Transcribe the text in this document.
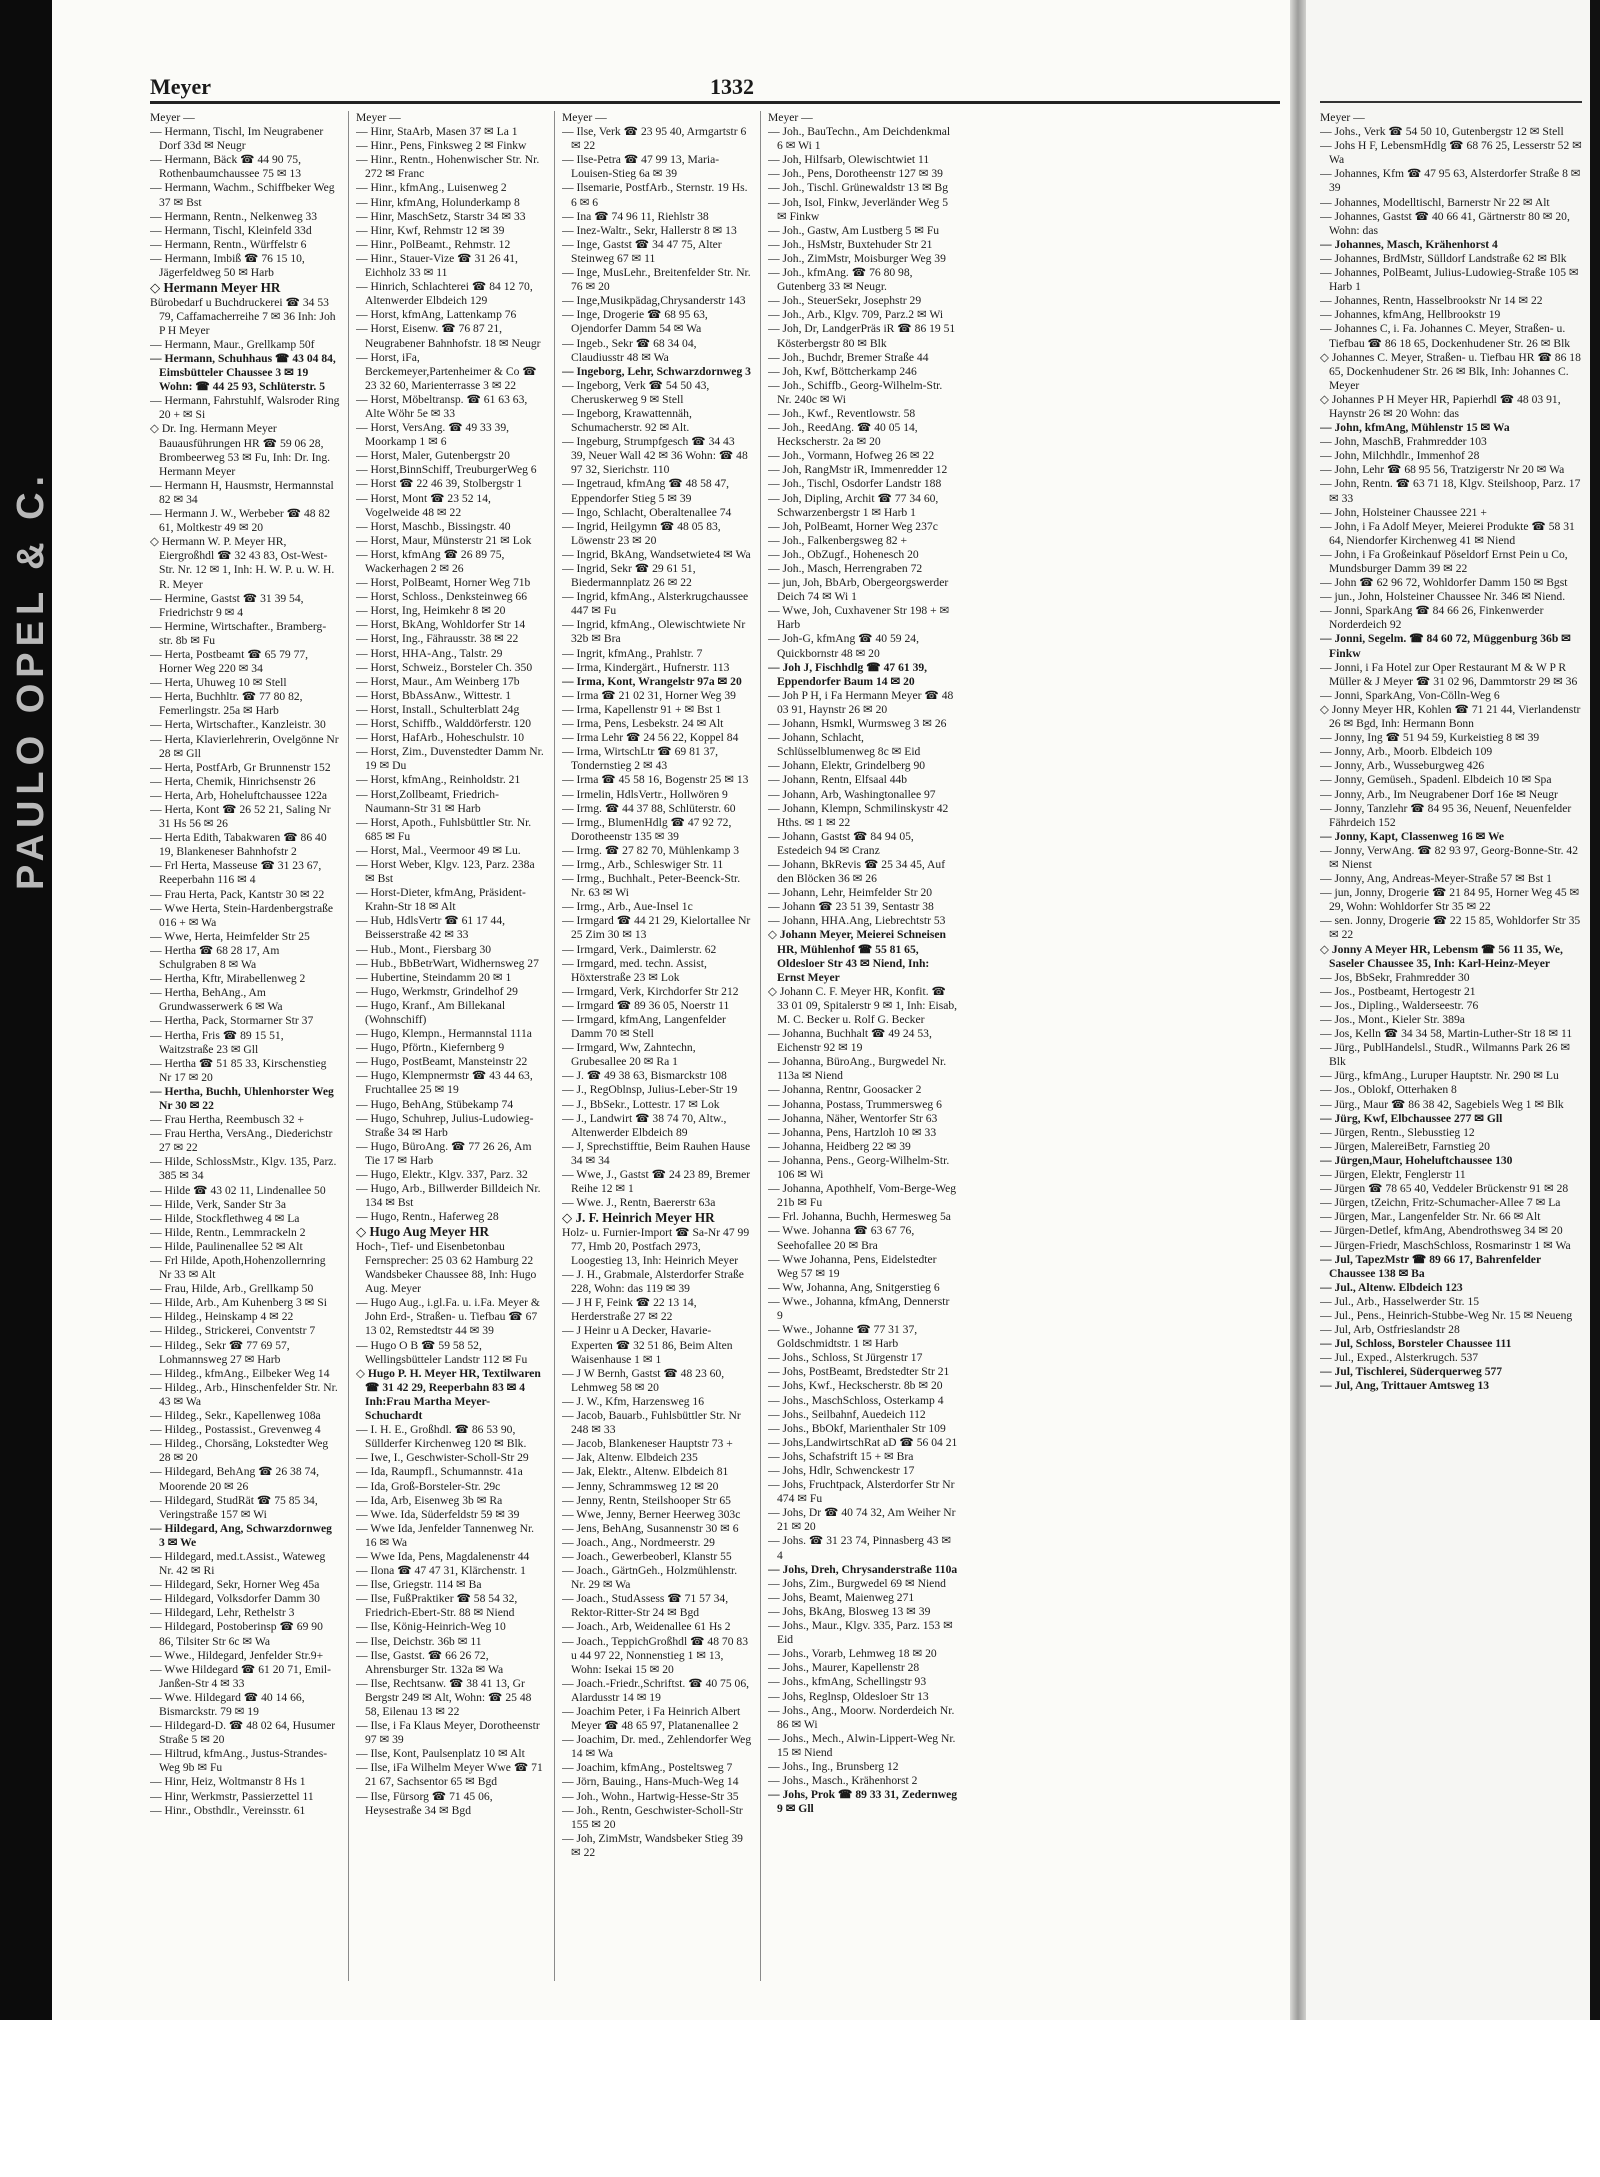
PAULO OPEL & C.
Meyer	1332
Meyer —
— Hermann, Tischl, Im Neugrabener Dorf 33d ✉ Neugr
— Hermann, Bäck ☎ 44 90 75, Rothenbaumchaussee 75 ✉ 13
— Hermann, Wachm., Schiffbeker Weg 37 ✉ Bst
— Hermann, Rentn., Nelkenweg 33
— Hermann, Tischl, Kleinfeld 33d
— Hermann, Rentn., Würffelstr 6
— Hermann, Imbiß ☎ 76 15 10, Jägerfeldweg 50 ✉ Harb
◇ Hermann Meyer HR
Bürobedarf u Buchdruckerei ☎ 34 53 79, Caffamacherreihe 7 ✉ 36 Inh: Joh P H Meyer
— Hermann, Maur., Grellkamp 50f
— Hermann, Schuhhaus ☎ 43 04 84, Eimsbütteler Chaussee 3 ✉ 19 Wohn: ☎ 44 25 93, Schlüterstr. 5
— Hermann, Fahrstuhlf, Walsroder Ring 20 + ✉ Si
◇ Dr. Ing. Hermann Meyer Bauausführungen HR ☎ 59 06 28, Brombeerweg 53 ✉ Fu, Inh: Dr. Ing. Hermann Meyer
— Hermann H, Hausmstr, Hermannstal 82 ✉ 34
— Hermann J. W., Werbeber ☎ 48 82 61, Moltkestr 49 ✉ 20
◇ Hermann W. P. Meyer HR, Eiergroßhdl ☎ 32 43 83, Ost-West-Str. Nr. 12 ✉ 1, Inh: H. W. P. u. W. H. R. Meyer
— Hermine, Gastst ☎ 31 39 54, Friedrichstr 9 ✉ 4
— Hermine, Wirtschafter., Bramberg-str. 8b ✉ Fu
— Herta, Postbeamt ☎ 65 79 77, Horner Weg 220 ✉ 34
— Herta, Uhuweg 10 ✉ Stell
— Herta, Buchhltr. ☎ 77 80 82, Femerlingstr. 25a ✉ Harb
— Herta, Wirtschafter., Kanzleistr. 30
— Herta, Klavierlehrerin, Ovelgönne Nr 28 ✉ Gll
— Herta, PostfArb, Gr Brunnenstr 152
— Herta, Chemik, Hinrichsenstr 26
— Herta, Arb, Hoheluftchaussee 122a
— Herta, Kont ☎ 26 52 21, Saling Nr 31 Hs 56 ✉ 26
— Herta Edith, Tabakwaren ☎ 86 40 19, Blankeneser Bahnhofstr 2
— Frl Herta, Masseuse ☎ 31 23 67, Reeperbahn 116 ✉ 4
— Frau Herta, Pack, Kantstr 30 ✉ 22
— Wwe Herta, Stein-Hardenbergstraße 016 + ✉ Wa
— Wwe, Herta, Heimfelder Str 25
— Hertha ☎ 68 28 17, Am Schulgraben 8 ✉ Wa
— Hertha, Kftr, Mirabellenweg 2
— Hertha, BehAng., Am Grundwasserwerk 6 ✉ Wa
— Hertha, Pack, Stormarner Str 37
— Hertha, Fris ☎ 89 15 51, Waitzstraße 23 ✉ Gll
— Hertha ☎ 51 85 33, Kirschenstieg Nr 17 ✉ 20
— Hertha, Buchh, Uhlenhorster Weg Nr 30 ✉ 22
— Frau Hertha, Reembusch 32 +
— Frau Hertha, VersAng., Diederichstr 27 ✉ 22
— Hilde, SchlossMstr., Klgv. 135, Parz. 385 ✉ 34
— Hilde ☎ 43 02 11, Lindenallee 50
— Hilde, Verk, Sander Str 3a
— Hilde, Stockflethweg 4 ✉ La
— Hilde, Rentn., Lemmrackeln 2
— Hilde, Paulinenallee 52 ✉ Alt
— Frl Hilde, Apoth,Hohenzollernring Nr 33 ✉ Alt
— Frau, Hilde, Arb., Grellkamp 50
— Hilde, Arb., Am Kuhenberg 3 ✉ Si
— Hildeg., Heinskamp 4 ✉ 22
— Hildeg., Strickerei, Conventstr 7
— Hildeg., Sekr ☎ 77 69 57, Lohmannsweg 27 ✉ Harb
— Hildeg., kfmAng., Eilbeker Weg 14
— Hildeg., Arb., Hinschenfelder Str. Nr. 43 ✉ Wa
— Hildeg., Sekr., Kapellenweg 108a
— Hildeg., Postassist., Grevenweg 4
— Hildeg., Chorsäng, Lokstedter Weg 28 ✉ 20
— Hildegard, BehAng ☎ 26 38 74, Moorende 20 ✉ 26
— Hildegard, StudRät ☎ 75 85 34, Veringstraße 157 ✉ Wi
— Hildegard, Ang, Schwarzdornweg 3 ✉ We
— Hildegard, med.t.Assist., Wateweg Nr. 42 ✉ Ri
— Hildegard, Sekr, Horner Weg 45a
— Hildegard, Volksdorfer Damm 30
— Hildegard, Lehr, Rethelstr 3
— Hildegard, Postoberinsp ☎ 69 90 86, Tilsiter Str 6c ✉ Wa
— Wwe., Hildegard, Jenfelder Str.9+
— Wwe Hildegard ☎ 61 20 71, Emil-Janßen-Str 4 ✉ 33
— Wwe. Hildegard ☎ 40 14 66, Bismarckstr. 79 ✉ 19
— Hildegard-D. ☎ 48 02 64, Husumer Straße 5 ✉ 20
— Hiltrud, kfmAng., Justus-Strandes-Weg 9b ✉ Fu
— Hinr, Heiz, Woltmanstr 8 Hs 1
— Hinr, Werkmstr, Passierzettel 11
— Hinr., Obsthdlr., Vereinsstr. 61
Meyer —
— Hinr, StaArb, Masen 37 ✉ La 1
— Hinr., Pens, Finksweg 2 ✉ Finkw
— Hinr., Rentn., Hohenwischer Str. Nr. 272 ✉ Franc
— Hinr., kfmAng., Luisenweg 2
— Hinr, kfmAng, Holunderkamp 8
— Hinr, MaschSetz, Starstr 34 ✉ 33
— Hinr, Kwf, Rehmstr 12 ✉ 39
— Hinr., PolBeamt., Rehmstr. 12
— Hinr., Stauer-Vize ☎ 31 26 41, Eichholz 33 ✉ 11
— Hinrich, Schlachterei ☎ 84 12 70, Altenwerder Elbdeich 129
— Horst, kfmAng, Lattenkamp 76
— Horst, Eisenw. ☎ 76 87 21, Neugrabener Bahnhofstr. 18 ✉ Neugr
— Horst, iFa, Berckemeyer,Partenheimer & Co ☎ 23 32 60, Marienterrasse 3 ✉ 22
— Horst, Möbeltransp. ☎ 61 63 63, Alte Wöhr 5e ✉ 33
— Horst, VersAng. ☎ 49 33 39, Moorkamp 1 ✉ 6
— Horst, Maler, Gutenbergstr 20
— Horst,BinnSchiff, TreuburgerWeg 6
— Horst ☎ 22 46 39, Stolbergstr 1
— Horst, Mont ☎ 23 52 14, Vogelweide 48 ✉ 22
— Horst, Maschb., Bissingstr. 40
— Horst, Maur, Münsterstr 21 ✉ Lok
— Horst, kfmAng ☎ 26 89 75, Wackerhagen 2 ✉ 26
— Horst, PolBeamt, Horner Weg 71b
— Horst, Schloss., Denksteinweg 66
— Horst, Ing, Heimkehr 8 ✉ 20
— Horst, BkAng, Wohldorfer Str 14
— Horst, Ing., Fährausstr. 38 ✉ 22
— Horst, HHA-Ang., Talstr. 29
— Horst, Schweiz., Borsteler Ch. 350
— Horst, Maur., Am Weinberg 17b
— Horst, BbAssAnw., Wittestr. 1
— Horst, Install., Schulterblatt 24g
— Horst, Schiffb., Walddörferstr. 120
— Horst, HafArb., Hoheschulstr. 10
— Horst, Zim., Duvenstedter Damm Nr. 19 ✉ Du
— Horst, kfmAng., Reinholdstr. 21
— Horst,Zollbeamt, Friedrich-Naumann-Str 31 ✉ Harb
— Horst, Apoth., Fuhlsbüttler Str. Nr. 685 ✉ Fu
— Horst, Mal., Veermoor 49 ✉ Lu.
— Horst Weber, Klgv. 123, Parz. 238a ✉ Bst
— Horst-Dieter, kfmAng, Präsident-Krahn-Str 18 ✉ Alt
— Hub, HdlsVertr ☎ 61 17 44, Beisserstraße 42 ✉ 33
— Hub., Mont., Fiersbarg 30
— Hub., BbBetrWart, Widhernsweg 27
— Hubertine, Steindamm 20 ✉ 1
— Hugo, Werkmstr, Grindelhof 29
— Hugo, Kranf., Am Billekanal (Wohnschiff)
— Hugo, Klempn., Hermannstal 111a
— Hugo, Pförtn., Kiefernberg 9
— Hugo, PostBeamt, Mansteinstr 22
— Hugo, Klempnermstr ☎ 43 44 63, Fruchtallee 25 ✉ 19
— Hugo, BehAng, Stübekamp 74
— Hugo, Schuhrep, Julius-Ludowieg-Straße 34 ✉ Harb
— Hugo, BüroAng. ☎ 77 26 26, Am Tie 17 ✉ Harb
— Hugo, Elektr., Klgv. 337, Parz. 32
— Hugo, Arb., Billwerder Billdeich Nr. 134 ✉ Bst
— Hugo, Rentn., Haferweg 28
◇ Hugo Aug Meyer HR
Hoch-, Tief- und Eisenbetonbau Fernsprecher: 25 03 62 Hamburg 22 Wandsbeker Chaussee 88, Inh: Hugo Aug. Meyer
— Hugo Aug., i.gl.Fa. u. i.Fa. Meyer & John Erd-, Straßen- u. Tiefbau ☎ 67 13 02, Remstedtstr 44 ✉ 39
— Hugo O B ☎ 59 58 52, Wellingsbütteler Landstr 112 ✉ Fu
◇ Hugo P. H. Meyer HR, Textilwaren ☎ 31 42 29, Reeperbahn 83 ✉ 4 Inh:Frau Martha Meyer-Schuchardt
— I. H. E., Großhdl. ☎ 86 53 90, Süllderfer Kirchenweg 120 ✉ Blk.
— Iwe, I., Geschwister-Scholl-Str 29
— Ida, Raumpfl., Schumannstr. 41a
— Ida, Groß-Borsteler-Str. 29c
— Ida, Arb, Eisenweg 3b ✉ Ra
— Wwe. Ida, Süderfeldstr 59 ✉ 39
— Wwe Ida, Jenfelder Tannenweg Nr. 16 ✉ Wa
— Wwe Ida, Pens, Magdalenenstr 44
— Ilona ☎ 47 47 31, Klärchenstr. 1
— Ilse, Griegstr. 114 ✉ Ba
— Ilse, FußPraktiker ☎ 58 54 32, Friedrich-Ebert-Str. 88 ✉ Niend
— Ilse, König-Heinrich-Weg 10
— Ilse, Deichstr. 36b ✉ 11
— Ilse, Gastst. ☎ 66 26 72, Ahrensburger Str. 132a ✉ Wa
— Ilse, Rechtsanw. ☎ 38 41 13, Gr Bergstr 249 ✉ Alt, Wohn: ☎ 25 48 58, Eilenau 13 ✉ 22
— Ilse, i Fa Klaus Meyer, Dorotheenstr 97 ✉ 39
— Ilse, Kont, Paulsenplatz 10 ✉ Alt
— Ilse, iFa Wilhelm Meyer Wwe ☎ 71 21 67, Sachsentor 65 ✉ Bgd
— Ilse, Fürsorg ☎ 71 45 06, Heysestraße 34 ✉ Bgd
Meyer —
— Ilse, Verk ☎ 23 95 40, Armgartstr 6 ✉ 22
— Ilse-Petra ☎ 47 99 13, Maria-Louisen-Stieg 6a ✉ 39
— Ilsemarie, PostfArb., Sternstr. 19 Hs. 6 ✉ 6
— Ina ☎ 74 96 11, Riehlstr 38
— Inez-Waltr., Sekr, Hallerstr 8 ✉ 13
— Inge, Gastst ☎ 34 47 75, Alter Steinweg 67 ✉ 11
— Inge, MusLehr., Breitenfelder Str. Nr. 76 ✉ 20
— Inge,Musikpädag,Chrysanderstr 143
— Inge, Drogerie ☎ 68 95 63, Ojendorfer Damm 54 ✉ Wa
— Ingeb., Sekr ☎ 68 34 04, Claudiusstr 48 ✉ Wa
— Ingeborg, Lehr, Schwarzdornweg 3
— Ingeborg, Verk ☎ 54 50 43, Cheruskerweg 9 ✉ Stell
— Ingeborg, Krawattennäh, Schumacherstr. 92 ✉ Alt.
— Ingeburg, Strumpfgesch ☎ 34 43 39, Neuer Wall 42 ✉ 36 Wohn: ☎ 48 97 32, Sierichstr. 110
— Ingetraud, kfmAng ☎ 48 58 47, Eppendorfer Stieg 5 ✉ 39
— Ingo, Schlacht, Oberaltenallee 74
— Ingrid, Heilgymn ☎ 48 05 83, Löwenstr 23 ✉ 20
— Ingrid, BkAng, Wandsetwiete4 ✉ Wa
— Ingrid, Sekr ☎ 29 61 51, Biedermannplatz 26 ✉ 22
— Ingrid, kfmAng., Alsterkrugchaussee 447 ✉ Fu
— Ingrid, kfmAng., Olewischtwiete Nr 32b ✉ Bra
— Ingrit, kfmAng., Prahlstr. 7
— Irma, Kindergärt., Hufnerstr. 113
— Irma, Kont, Wrangelstr 97a ✉ 20
— Irma ☎ 21 02 31, Horner Weg 39
— Irma, Kapellenstr 91 + ✉ Bst 1
— Irma, Pens, Lesbekstr. 24 ✉ Alt
— Irma Lehr ☎ 24 56 22, Koppel 84
— Irma, WirtschLtr ☎ 69 81 37, Tondernstieg 2 ✉ 43
— Irma ☎ 45 58 16, Bogenstr 25 ✉ 13
— Irmelin, HdlsVertr., Hollwören 9
— Irmg. ☎ 44 37 88, Schlüterstr. 60
— Irmg., BlumenHdlg ☎ 47 92 72, Dorotheenstr 135 ✉ 39
— Irmg. ☎ 27 82 70, Mühlenkamp 3
— Irmg., Arb., Schleswiger Str. 11
— Irmg., Buchhalt., Peter-Beenck-Str. Nr. 63 ✉ Wi
— Irmg., Arb., Aue-Insel 1c
— Irmgard ☎ 44 21 29, Kielortallee Nr 25 Zim 30 ✉ 13
— Irmgard, Verk., Daimlerstr. 62
— Irmgard, med. techn. Assist, Höxterstraße 23 ✉ Lok
— Irmgard, Verk, Kirchdorfer Str 212
— Irmgard ☎ 89 36 05, Noerstr 11
— Irmgard, kfmAng, Langenfelder Damm 70 ✉ Stell
— Irmgard, Ww, Zahntechn, Grubesallee 20 ✉ Ra 1
— J. ☎ 49 38 63, Bismarckstr 108
— J., RegOblnsp, Julius-Leber-Str 19
— J., BbSekr., Lottestr. 17 ✉ Lok
— J., Landwirt ☎ 38 74 70, Altw., Altenwerder Elbdeich 89
— J, Sprechstifftie, Beim Rauhen Hause 34 ✉ 34
— Wwe, J., Gastst ☎ 24 23 89, Bremer Reihe 12 ✉ 1
— Wwe. J., Rentn, Baererstr 63a
◇ J. F. Heinrich Meyer HR
Holz- u. Furnier-Import ☎ Sa-Nr 47 99 77, Hmb 20, Postfach 2973, Loogestieg 13, Inh: Heinrich Meyer
— J. H., Grabmale, Alsterdorfer Straße 228, Wohn: das 119 ✉ 39
— J H F, Feink ☎ 22 13 14, Herderstraße 27 ✉ 22
— J Heinr u A Decker, Havarie-Experten ☎ 32 51 86, Beim Alten Waisenhause 1 ✉ 1
— J W Bernh, Gastst ☎ 48 23 60, Lehmweg 58 ✉ 20
— J. W., Kfm, Harzensweg 16
— Jacob, Bauarb., Fuhlsbüttler Str. Nr 248 ✉ 33
— Jacob, Blankeneser Hauptstr 73 +
— Jak, Altenw. Elbdeich 235
— Jak, Elektr., Altenw. Elbdeich 81
— Jenny, Schrammsweg 12 ✉ 20
— Jenny, Rentn, Steilshooper Str 65
— Wwe, Jenny, Berner Heerweg 303c
— Jens, BehAng, Susannenstr 30 ✉ 6
— Joach., Ang., Nordmeerstr. 29
— Joach., Gewerbeoberl, Klanstr 55
— Joach., GärtnGeh., Holzmühlenstr. Nr. 29 ✉ Wa
— Joach., StudAssess ☎ 71 57 34, Rektor-Ritter-Str 24 ✉ Bgd
— Joach., Arb, Weidenallee 61 Hs 2
— Joach., TeppichGroßhdl ☎ 48 70 83 u 44 97 22, Nonnenstieg 1 ✉ 13, Wohn: Isekai 15 ✉ 20
— Joach.-Friedr.,Schriftst. ☎ 40 75 06, Alardusstr 14 ✉ 19
— Joachim Peter, i Fa Heinrich Albert Meyer ☎ 48 65 97, Platanenallee 2
— Joachim, Dr. med., Zehlendorfer Weg 14 ✉ Wa
— Joachim, kfmAng., Posteltsweg 7
— Jörn, Bauing., Hans-Much-Weg 14
— Joh., Wohn., Hartwig-Hesse-Str 35
— Joh., Rentn, Geschwister-Scholl-Str 155 ✉ 20
— Joh, ZimMstr, Wandsbeker Stieg 39 ✉ 22
Meyer —
— Joh., BauTechn., Am Deichdenkmal 6 ✉ Wi 1
— Joh, Hilfsarb, Olewischtwiet 11
— Joh., Pens, Dorotheenstr 127 ✉ 39
— Joh., Tischl. Grünewaldstr 13 ✉ Bg
— Joh, Isol, Finkw, Jeverländer Weg 5 ✉ Finkw
— Joh., Gastw, Am Lustberg 5 ✉ Fu
— Joh., HsMstr, Buxtehuder Str 21
— Joh., ZimMstr, Moisburger Weg 39
— Joh., kfmAng. ☎ 76 80 98, Gutenberg 33 ✉ Neugr.
— Joh., SteuerSekr, Josephstr 29
— Joh., Arb., Klgv. 709, Parz.2 ✉ Wi
— Joh, Dr, LandgerPräs iR ☎ 86 19 51 Kösterbergstr 80 ✉ Blk
— Joh., Buchdr, Bremer Straße 44
— Joh, Kwf, Böttcherkamp 246
— Joh., Schiffb., Georg-Wilhelm-Str. Nr. 240c ✉ Wi
— Joh., Kwf., Reventlowstr. 58
— Joh., ReedAng. ☎ 40 05 14, Heckscherstr. 2a ✉ 20
— Joh., Vormann, Hofweg 26 ✉ 22
— Joh, RangMstr iR, Immenredder 12
— Joh., Tischl, Osdorfer Landstr 188
— Joh, Dipling, Archit ☎ 77 34 60, Schwarzenbergstr 1 ✉ Harb 1
— Joh, PolBeamt, Horner Weg 237c
— Joh., Falkenbergsweg 82 +
— Joh., ObZugf., Hohenesch 20
— Joh., Masch, Herrengraben 72
— jun, Joh, BbArb, Obergeorgswerder Deich 74 ✉ Wi 1
— Wwe, Joh, Cuxhavener Str 198 + ✉ Harb
— Joh-G, kfmAng ☎ 40 59 24, Quickbornstr 48 ✉ 20
— Joh J, Fischhdlg ☎ 47 61 39, Eppendorfer Baum 14 ✉ 20
— Joh P H, i Fa Hermann Meyer ☎ 48 03 91, Haynstr 26 ✉ 20
— Johann, Hsmkl, Wurmsweg 3 ✉ 26
— Johann, Schlacht, Schlüsselblumenweg 8c ✉ Eid
— Johann, Elektr, Grindelberg 90
— Johann, Rentn, Elfsaal 44b
— Johann, Arb, Washingtonallee 97
— Johann, Klempn, Schmilinskystr 42 Hths. ✉ 1 ✉ 22
— Johann, Gastst ☎ 84 94 05, Estedeich 94 ✉ Cranz
— Johann, BkRevis ☎ 25 34 45, Auf den Blöcken 36 ✉ 26
— Johann, Lehr, Heimfelder Str 20
— Johann ☎ 23 51 39, Sentastr 38
— Johann, HHA.Ang, Liebrechtstr 53
◇ Johann Meyer, Meierei Schneisen HR, Mühlenhof ☎ 55 81 65, Oldesloer Str 43 ✉ Niend, Inh: Ernst Meyer
◇ Johann C. F. Meyer HR, Konfit. ☎ 33 01 09, Spitalerstr 9 ✉ 1, Inh: Eisab, M. C. Becker u. Rolf G. Becker
— Johanna, Buchhalt ☎ 49 24 53, Eichenstr 92 ✉ 19
— Johanna, BüroAng., Burgwedel Nr. 113a ✉ Niend
— Johanna, Rentnr, Goosacker 2
— Johanna, Postass, Trummersweg 6
— Johanna, Näher, Wentorfer Str 63
— Johanna, Pens, Hartzloh 10 ✉ 33
— Johanna, Heidberg 22 ✉ 39
— Johanna, Pens., Georg-Wilhelm-Str. 106 ✉ Wi
— Johanna, Apothhelf, Vom-Berge-Weg 21b ✉ Fu
— Frl. Johanna, Buchh, Hermesweg 5a
— Wwe. Johanna ☎ 63 67 76, Seehofallee 20 ✉ Bra
— Wwe Johanna, Pens, Eidelstedter Weg 57 ✉ 19
— Ww, Johanna, Ang, Snitgerstieg 6
— Wwe., Johanna, kfmAng, Dennerstr 9
— Wwe., Johanne ☎ 77 31 37, Goldschmidtstr. 1 ✉ Harb
— Johs., Schloss, St Jürgenstr 17
— Johs, PostBeamt, Bredstedter Str 21
— Johs, Kwf., Heckscherstr. 8b ✉ 20
— Johs., MaschSchloss, Osterkamp 4
— Johs., Seilbahnf, Auedeich 112
— Johs., BbOkf, Marienthaler Str 109
— Johs,LandwirtschRat aD ☎ 56 04 21
— Johs, Schafstrift 15 + ✉ Bra
— Johs, Hdlr, Schwenckestr 17
— Johs, Fruchtpack, Alsterdorfer Str Nr 474 ✉ Fu
— Johs, Dr ☎ 40 74 32, Am Weiher Nr 21 ✉ 20
— Johs. ☎ 31 23 74, Pinnasberg 43 ✉ 4
— Johs, Dreh, Chrysanderstraße 110a
— Johs, Zim., Burgwedel 69 ✉ Niend
— Johs, Beamt, Maienweg 271
— Johs, BkAng, Blosweg 13 ✉ 39
— Johs., Maur., Klgv. 335, Parz. 153 ✉ Eid
— Johs., Vorarb, Lehmweg 18 ✉ 20
— Johs., Maurer, Kapellenstr 28
— Johs., kfmAng, Schellingstr 93
— Johs, Reglnsp, Oldesloer Str 13
— Johs., Ang., Moorw. Norderdeich Nr. 86 ✉ Wi
— Johs., Mech., Alwin-Lippert-Weg Nr. 15 ✉ Niend
— Johs., Ing., Brunsberg 12
— Johs., Masch., Krähenhorst 2
— Johs, Prok ☎ 89 33 31, Zedernweg 9 ✉ Gll
Meyer —
— Johs., Verk ☎ 54 50 10, Gutenbergstr 12 ✉ Stell
— Johs H F, LebensmHdlg ☎ 68 76 25, Lesserstr 52 ✉ Wa
— Johannes, Kfm ☎ 47 95 63, Alsterdorfer Straße 8 ✉ 39
— Johannes, Modelltischl, Barnerstr Nr 22 ✉ Alt
— Johannes, Gastst ☎ 40 66 41, Gärtnerstr 80 ✉ 20, Wohn: das
— Johannes, Masch, Krähenhorst 4
— Johannes, BrdMstr, Sülldorf Landstraße 62 ✉ Blk
— Johannes, PolBeamt, Julius-Ludowieg-Straße 105 ✉ Harb 1
— Johannes, Rentn, Hasselbrookstr Nr 14 ✉ 22
— Johannes, kfmAng, Hellbrookstr 19
— Johannes C, i. Fa. Johannes C. Meyer, Straßen- u. Tiefbau ☎ 86 18 65, Dockenhudener Str. 26 ✉ Blk
◇ Johannes C. Meyer, Straßen- u. Tiefbau HR ☎ 86 18 65, Dockenhudener Str. 26 ✉ Blk, Inh: Johannes C. Meyer
◇ Johannes P H Meyer HR, Papierhdl ☎ 48 03 91, Haynstr 26 ✉ 20 Wohn: das
— John, kfmAng, Mühlenstr 15 ✉ Wa
— John, MaschB, Frahmredder 103
— John, Milchhdlr., Immenhof 28
— John, Lehr ☎ 68 95 56, Tratzigerstr Nr 20 ✉ Wa
— John, Rentn. ☎ 63 71 18, Klgv. Steilshoop, Parz. 17 ✉ 33
— John, Holsteiner Chaussee 221 +
— John, i Fa Adolf Meyer, Meierei Produkte ☎ 58 31 64, Niendorfer Kirchenweg 41 ✉ Niend
— John, i Fa Großeinkauf Pöseldorf Ernst Pein u Co, Mundsburger Damm 39 ✉ 22
— John ☎ 62 96 72, Wohldorfer Damm 150 ✉ Bgst
— jun., John, Holsteiner Chaussee Nr. 346 ✉ Niend.
— Jonni, SparkAng ☎ 84 66 26, Finkenwerder Norderdeich 92
— Jonni, Segelm. ☎ 84 60 72, Müggenburg 36b ✉ Finkw
— Jonni, i Fa Hotel zur Oper Restaurant M & W P R Müller & J Meyer ☎ 31 02 96, Dammtorstr 29 ✉ 36
— Jonni, SparkAng, Von-Cölln-Weg 6
◇ Jonny Meyer HR, Kohlen ☎ 71 21 44, Vierlandenstr 26 ✉ Bgd, Inh: Hermann Bonn
— Jonny, Ing ☎ 51 94 59, Kurkeistieg 8 ✉ 39
— Jonny, Arb., Moorb. Elbdeich 109
— Jonny, Arb., Wusseburgweg 426
— Jonny, Gemüseh., Spadenl. Elbdeich 10 ✉ Spa
— Jonny, Arb., Im Neugrabener Dorf 16e ✉ Neugr
— Jonny, Tanzlehr ☎ 84 95 36, Neuenf, Neuenfelder Fährdeich 152
— Jonny, Kapt, Classenweg 16 ✉ We
— Jonny, VerwAng. ☎ 82 93 97, Georg-Bonne-Str. 42 ✉ Nienst
— Jonny, Ang, Andreas-Meyer-Straße 57 ✉ Bst 1
— jun, Jonny, Drogerie ☎ 21 84 95, Horner Weg 45 ✉ 29, Wohn: Wohldorfer Str 35 ✉ 22
— sen. Jonny, Drogerie ☎ 22 15 85, Wohldorfer Str 35 ✉ 22
◇ Jonny A Meyer HR, Lebensm ☎ 56 11 35, We, Saseler Chaussee 35, Inh: Karl-Heinz-Meyer
— Jos, BbSekr, Frahmredder 30
— Jos., Postbeamt, Hertogestr 21
— Jos., Dipling., Walderseestr. 76
— Jos., Mont., Kieler Str. 389a
— Jos, Kelln ☎ 34 34 58, Martin-Luther-Str 18 ✉ 11
— Jürg., PublHandelsl., StudR., Wilmanns Park 26 ✉ Blk
— Jürg., kfmAng., Luruper Hauptstr. Nr. 290 ✉ Lu
— Jos., Oblokf, Otterhaken 8
— Jürg., Maur ☎ 86 38 42, Sagebiels Weg 1 ✉ Blk
— Jürg, Kwf, Elbchaussee 277 ✉ Gll
— Jürgen, Rentn., Slebusstieg 12
— Jürgen, MalereiBetr, Farnstieg 20
— Jürgen,Maur, Hoheluftchaussee 130
— Jürgen, Elektr, Fenglerstr 11
— Jürgen ☎ 78 65 40, Veddeler Brückenstr 91 ✉ 28
— Jürgen, tZeichn, Fritz-Schumacher-Allee 7 ✉ La
— Jürgen, Mar., Langenfelder Str. Nr. 66 ✉ Alt
— Jürgen-Detlef, kfmAng, Abendrothsweg 34 ✉ 20
— Jürgen-Friedr, MaschSchloss, Rosmarinstr 1 ✉ Wa
— Jul, TapezMstr ☎ 89 66 17, Bahrenfelder Chaussee 138 ✉ Ba
— Jul., Altenw. Elbdeich 123
— Jul., Arb., Hasselwerder Str. 15
— Jul., Pens., Heinrich-Stubbe-Weg Nr. 15 ✉ Neueng
— Jul, Arb, Ostfrieslandstr 28
— Jul, Schloss, Borsteler Chaussee 111
— Jul., Exped., Alsterkrugch. 537
— Jul, Tischlerei, Süderquerweg 577
— Jul, Ang, Trittauer Amtsweg 13
